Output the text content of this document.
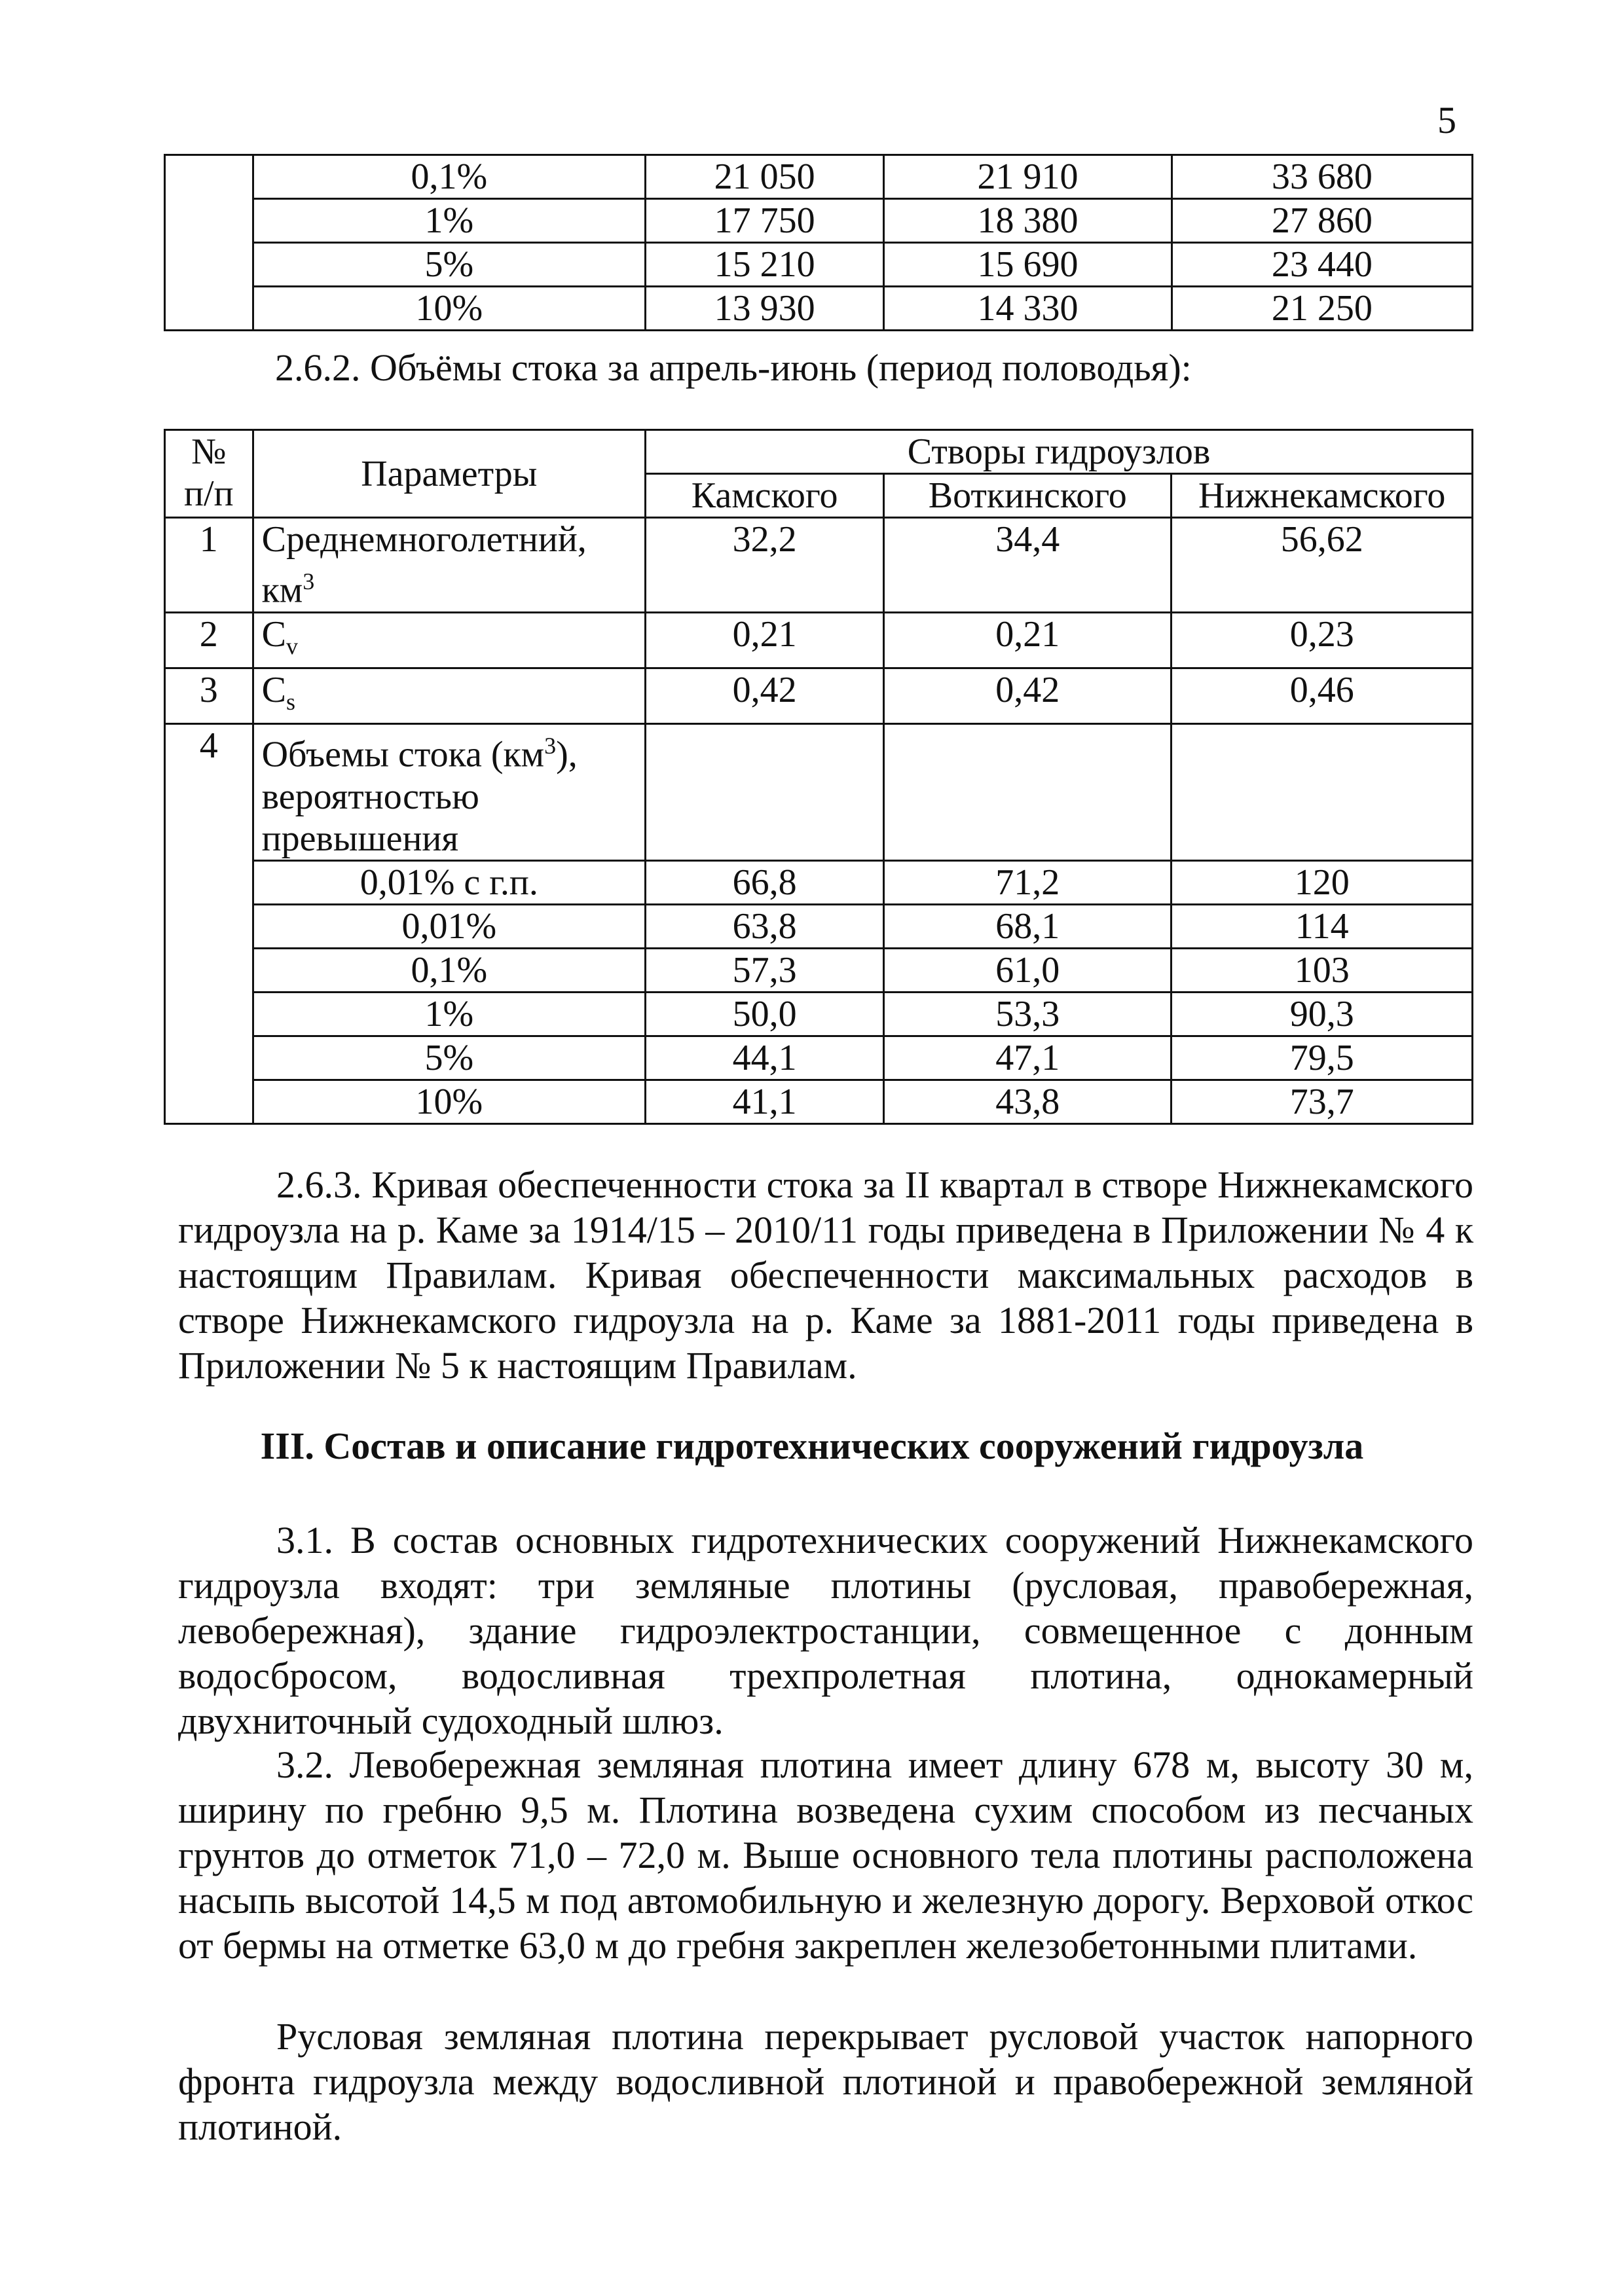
5
	0,1%	21 050	21 910	33 680
	1%	17 750	18 380	27 860
	5%	15 210	15 690	23 440
	10%	13 930	14 330	21 250
2.6.2. Объёмы стока за апрель-июнь (период половодья):
№ п/п	Параметры	Створы гидроузлов		
		Камского	Воткинского	Нижнекамского
1	Среднемноголетний, $км^3$	32,2	34,4	56,62
2	$C_v$	0,21	0,21	0,23
3	$C_s$	0,42	0,42	0,46
4	Объемы стока $(км^3)$, вероятностью превышения			
	0,01% с г.п.	66,8	71,2	120
	0,01%	63,8	68,1	114
	0,1%	57,3	61,0	103
	1%	50,0	53,3	90,3
	5%	44,1	47,1	79,5
	10%	41,1	43,8	73,7
2.6.3. Кривая обеспеченности стока за II квартал в створе Нижнекамского гидроузла на р. Каме за 1914/15 – 2010/11 годы приведена в Приложении № 4 к настоящим Правилам. Кривая обеспеченности максимальных расходов в створе Нижнекамского гидроузла на р. Каме за 1881-2011 годы приведена в Приложении № 5 к настоящим Правилам.
III. Состав и описание гидротехнических сооружений гидроузла
3.1. В состав основных гидротехнических сооружений Нижнекамского гидроузла входят: три земляные плотины (русловая, правобережная, левобережная), здание гидроэлектростанции, совмещенное с донным водосбросом, водосливная трехпролетная плотина, однокамерный двухниточный судоходный шлюз.
3.2. Левобережная земляная плотина имеет длину 678 м, высоту 30 м, ширину по гребню 9,5 м. Плотина возведена сухим способом из песчаных грунтов до отметок 71,0 – 72,0 м. Выше основного тела плотины расположена насыпь высотой 14,5 м под автомобильную и железную дорогу. Верховой откос от бермы на отметке 63,0 м до гребня закреплен железобетонными плитами.
Русловая земляная плотина перекрывает русловой участок напорного фронта гидроузла между водосливной плотиной и правобережной земляной плотиной.
